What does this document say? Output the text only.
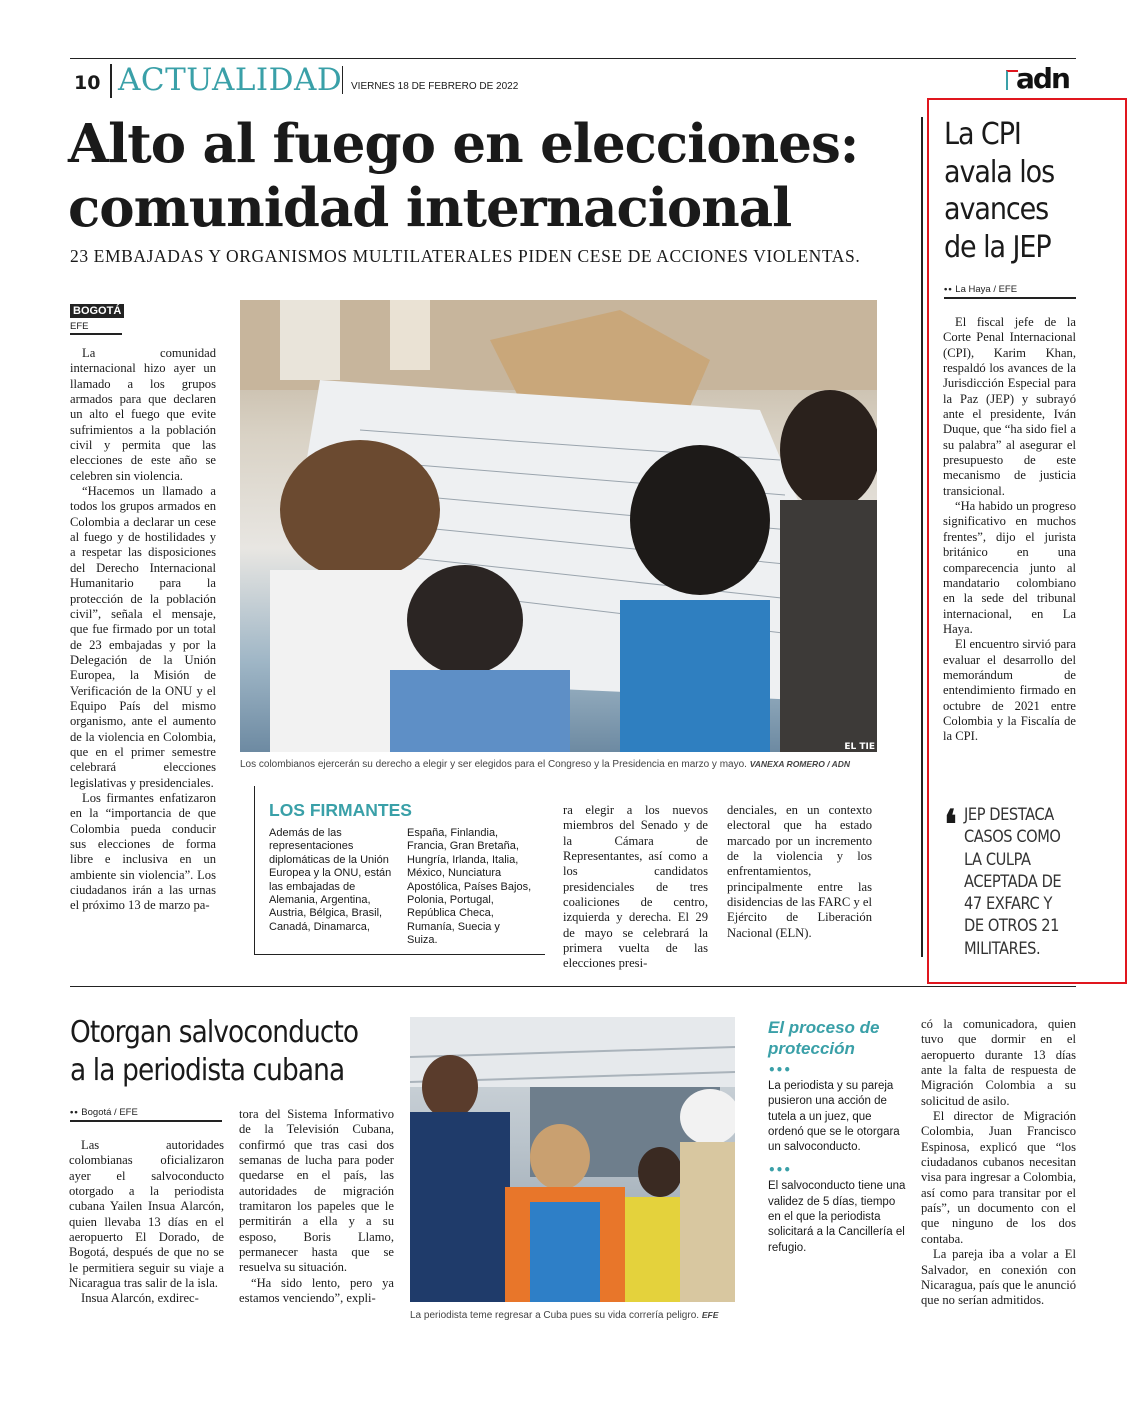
10 ACTUALIDAD VIERNES 18 DE FEBRERO DE 2022	adn
Alto al fuego en elecciones:
comunidad internacional
23 EMBAJADAS Y ORGANISMOS MULTILATERALES PIDEN CESE DE ACCIONES VIOLENTAS.
BOGOTÁ
EFE

La comunidad internacional hizo ayer un llamado a los grupos armados para que declaren un alto el fuego que evite sufrimientos a la población civil y permita que las elecciones de este año se celebren sin violencia.

“Hacemos un llamado a todos los grupos armados en Colombia a declarar un cese al fuego y de hostilidades y a respetar las disposiciones del Derecho Internacional Humanitario para la protección de la población civil”, señala el mensaje, que fue firmado por un total de 23 embajadas y por la Delegación de la Unión Europea, la Misión de Verificación de la ONU y el Equipo País del mismo organismo, ante el aumento de la violencia en Colombia, que en el primer semestre celebrará elecciones legislativas y presidenciales.

Los firmantes enfatizaron en la “importancia de que Colombia pueda conducir sus elecciones de forma libre e inclusiva en un ambiente sin violencia”. Los ciudadanos irán a las urnas el próximo 13 de marzo pa-

EL TIE
Los colombianos ejercerán su derecho a elegir y ser elegidos para el Congreso y la Presidencia en marzo y mayo. VANEXA ROMERO / ADN
LOS FIRMANTES
Además de las representaciones diplomáticas de la Unión Europea y la ONU, están las embajadas de Alemania, Argentina, Austria, Bélgica, Brasil, Canadá, Dinamarca,
España, Finlandia, Francia, Gran Bretaña, Hungría, Irlanda, Italia, México, Nunciatura Apostólica, Países Bajos, Polonia, Portugal, República Checa, Rumanía, Suecia y Suiza.

ra elegir a los nuevos miembros del Senado y de la Cámara de Representantes, así como a los candidatos presidenciales de tres coaliciones de centro, izquierda y derecha. El 29 de mayo se celebrará la primera vuelta de las elecciones presi-

denciales, en un contexto electoral que ha estado marcado por un incremento de la violencia y los enfrentamientos, principalmente entre las disidencias de las FARC y el Ejército de Liberación Nacional (ELN).

La CPI
avala los
avances
de la JEP
•• La Haya / EFE

El fiscal jefe de la Corte Penal Internacional (CPI), Karim Khan, respaldó los avances de la Jurisdicción Especial para la Paz (JEP) y subrayó ante el presidente, Iván Duque, que “ha sido fiel a su palabra” al asegurar el presupuesto de este mecanismo de justicia transicional.

“Ha habido un progreso significativo en muchos frentes”, dijo el jurista británico en una comparecencia junto al mandatario colombiano en la sede del tribunal internacional, en La Haya.

El encuentro sirvió para evaluar el desarrollo del memorándum de entendimiento firmado en octubre de 2021 entre Colombia y la Fiscalía de la CPI.

❛ JEP DESTACA
CASOS COMO
LA CULPA
ACEPTADA DE
47 EXFARC Y
DE OTROS 21
MILITARES.
Otorgan salvoconducto
a la periodista cubana
•• Bogotá / EFE

Las autoridades colombianas oficializaron ayer el salvoconducto otorgado a la periodista cubana Yailen Insua Alarcón, quien llevaba 13 días en el aeropuerto El Dorado, de Bogotá, después de que no se le permitiera seguir su viaje a Nicaragua tras salir de la isla.

Insua Alarcón, exdirec-

tora del Sistema Informativo de la Televisión Cubana, confirmó que tras casi dos semanas de lucha para poder quedarse en el país, las autoridades de migración tramitaron los papeles que le permitirán a ella y a su esposo, Boris Llamo, permanecer hasta que se resuelva su situación.

“Ha sido lento, pero ya estamos venciendo”, expli-

La periodista teme regresar a Cuba pues su vida correría peligro. EFE
El proceso de
protección
•••
La periodista y su pareja pusieron una acción de tutela a un juez, que ordenó que se le otorgara un salvoconducto.
•••
El salvoconducto tiene una validez de 5 días, tiempo en el que la periodista solicitará a la Cancillería el refugio.

có la comunicadora, quien tuvo que dormir en el aeropuerto durante 13 días ante la falta de respuesta de Migración Colombia a su solicitud de asilo.

El director de Migración Colombia, Juan Francisco Espinosa, explicó que “los ciudadanos cubanos necesitan visa para ingresar a Colombia, así como para transitar por el país”, un documento con el que ninguno de los dos contaba.

La pareja iba a volar a El Salvador, en conexión con Nicaragua, país que le anunció que no serían admitidos.
